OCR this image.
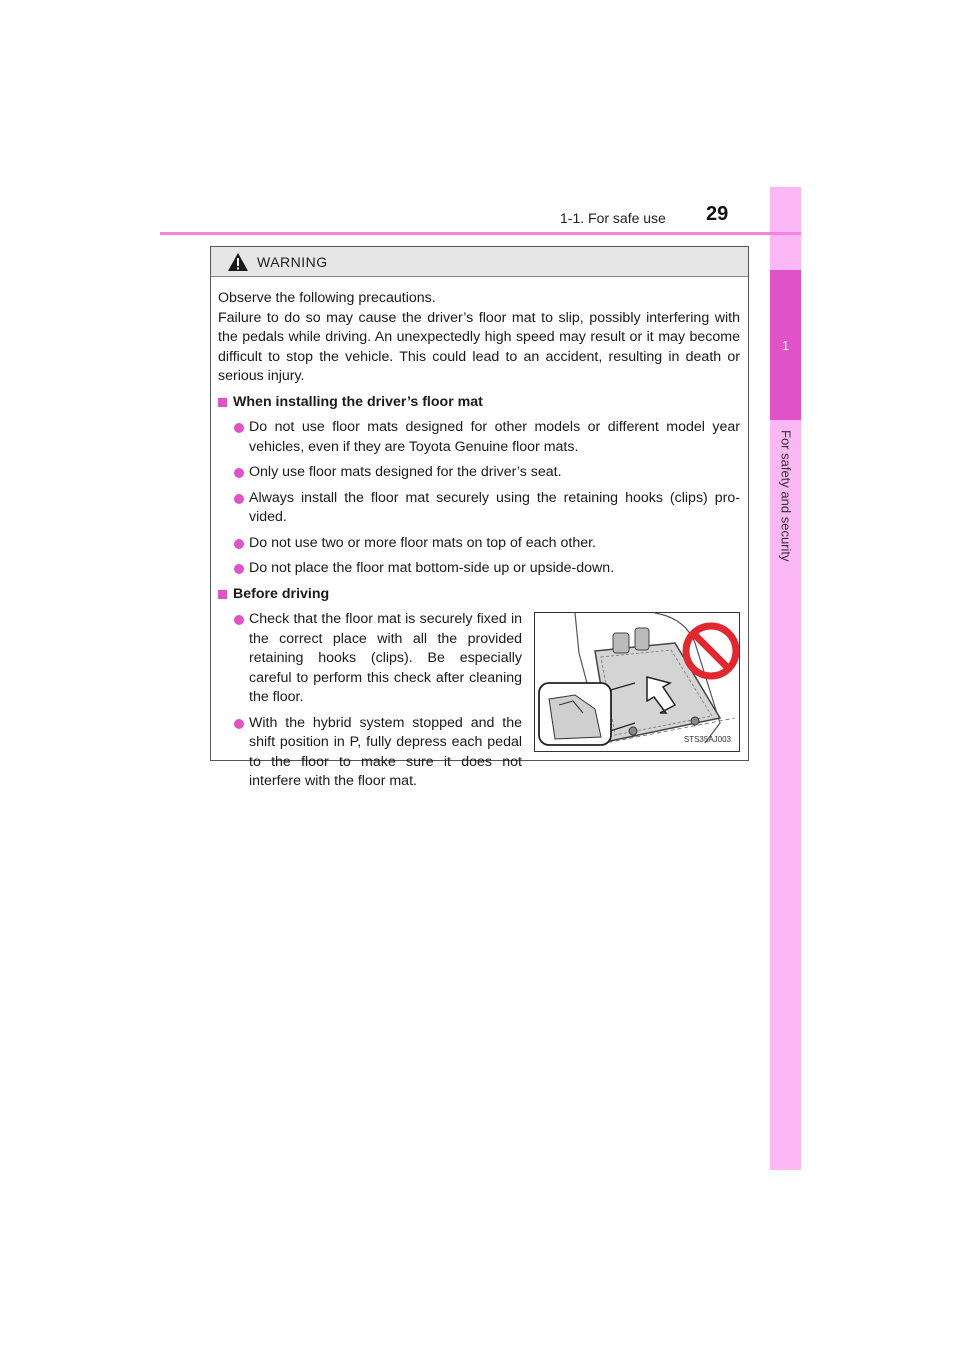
1
For safety and security
1-1. For safe use 29
WARNING

Observe the following precautions.

Failure to do so may cause the driver’s floor mat to slip, possibly interfering with the pedals while driving. An unexpectedly high speed may result or it may become difficult to stop the vehicle. This could lead to an accident, resulting in death or serious injury.

When installing the driver’s floor mat
Do not use floor mats designed for other models or different model year vehicles, even if they are Toyota Genuine floor mats.
Only use floor mats designed for the driver’s seat.
Always install the floor mat securely using the retaining hooks (clips) pro-vided.
Do not use two or more floor mats on top of each other.
Do not place the floor mat bottom-side up or upside-down.
Before driving
Check that the floor mat is securely fixed in the correct place with all the provided retaining hooks (clips). Be especially careful to perform this check after cleaning the floor.
With the hybrid system stopped and the shift position in P, fully depress each pedal to the floor to make sure it does not interfere with the floor mat.
STS35AJ003
